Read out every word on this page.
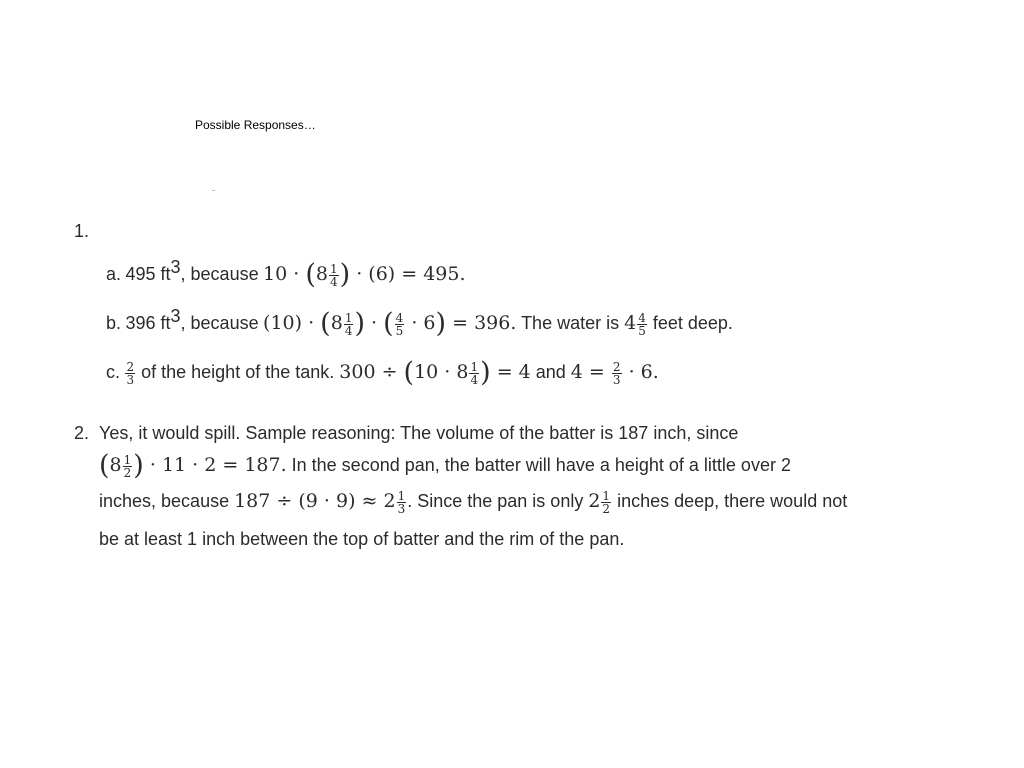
Possible Responses…
1.
a. 495 $ft^3$, because $10 \cdot (8 \frac{1}{4}$ ) · (6) = 495.
b. 396 $ft^3$, because $(10) \cdot (8 \frac{1}{4}$ ) · ( $\frac{4}{5} \cdot 6) = 396$. The water is $4 \frac{4}{5}$ feet deep.
c. $\frac{2}{3}$ of the height of the tank. $300 \div (10 \cdot 8 \frac{1}{4}$ ) = 4 and $4 = \frac{2}{3} \cdot 6$.
2. Yes, it would spill. Sample reasoning: The volume of the batter is 187 inch, since
($8 \frac{1}{2}$ ) · 11 · 2 = 187. In the second pan, the batter will have a height of a little over 2
inches, because $187 \div (9 \cdot 9) \approx 2 \frac{1}{3}$ . Since the pan is only $2 \frac{1}{2}$ inches deep, there would not
be at least 1 inch between the top of batter and the rim of the pan.
